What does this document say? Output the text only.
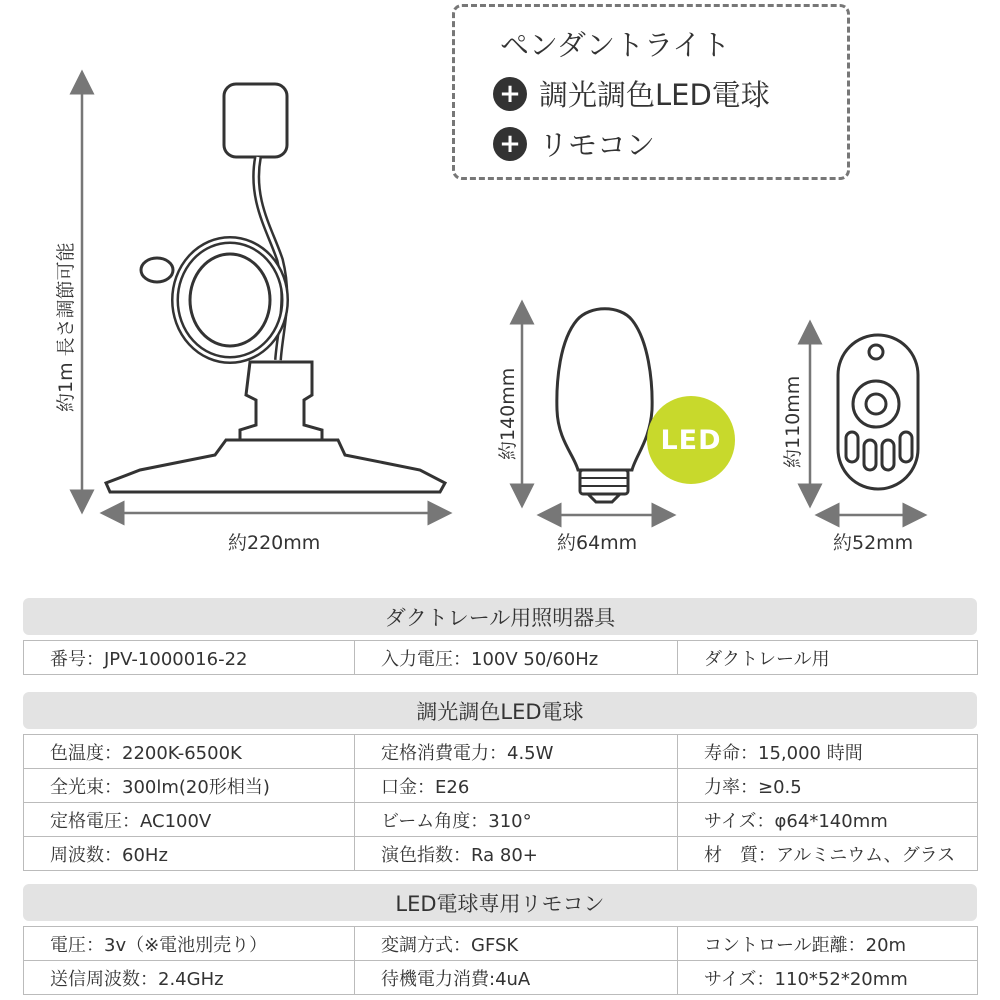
ペンダントライト
+ 調光調色LED電球
+ リモコン
約1m 長さ調節可能
約220mm
約140mm
約64mm
LED	約110mm
約52mm
ダクトレール用照明器具
番号：JPV-1000016-22	入力電圧：100V 50/60Hz	ダクトレール用
調光調色LED電球
色温度：2200K-6500K	定格消費電力：4.5W	寿命：15,000 時間
全光束：300lm(20形相当)	口金：E26	力率：≥0.5
定格電圧：AC100V	ビーム角度：310°	サイズ：φ64*140mm
周波数：60Hz	演色指数：Ra 80+	材　質：アルミニウム、グラス
LED電球専用リモコン
電圧：3v（※電池別売り）	変調方式：GFSK	コントロール距離：20m
送信周波数：2.4GHz	待機電力消費:4uA	サイズ：110*52*20mm
